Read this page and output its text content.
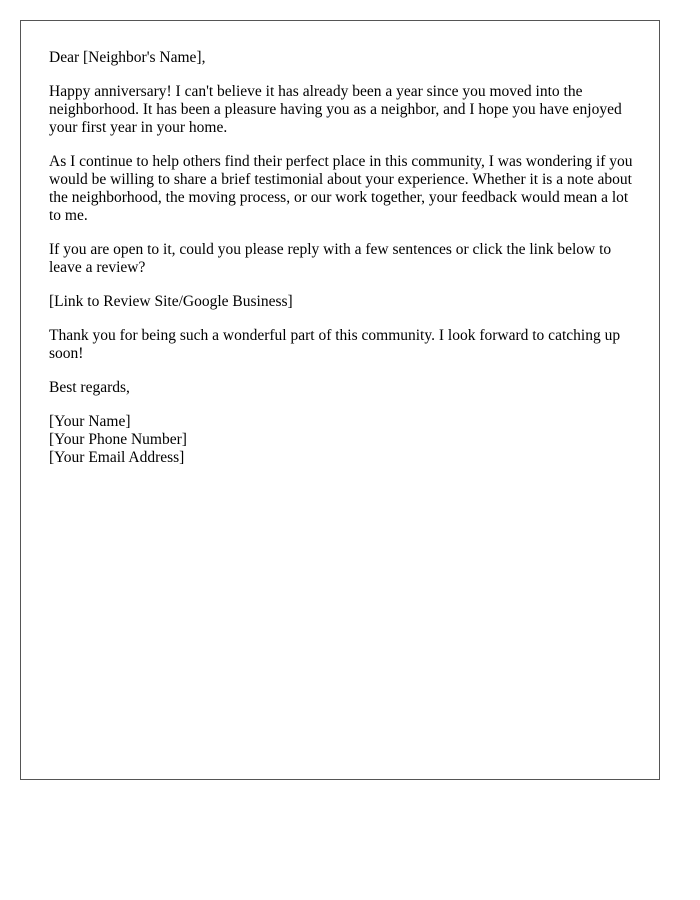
Dear [Neighbor's Name],

Happy anniversary! I can't believe it has already been a year since you moved into the neighborhood. It has been a pleasure having you as a neighbor, and I hope you have enjoyed your first year in your home.

As I continue to help others find their perfect place in this community, I was wondering if you would be willing to share a brief testimonial about your experience. Whether it is a note about the neighborhood, the moving process, or our work together, your feedback would mean a lot to me.

If you are open to it, could you please reply with a few sentences or click the link below to leave a review?

[Link to Review Site/Google Business]

Thank you for being such a wonderful part of this community. I look forward to catching up soon!

Best regards,

[Your Name]
[Your Phone Number]
[Your Email Address]
